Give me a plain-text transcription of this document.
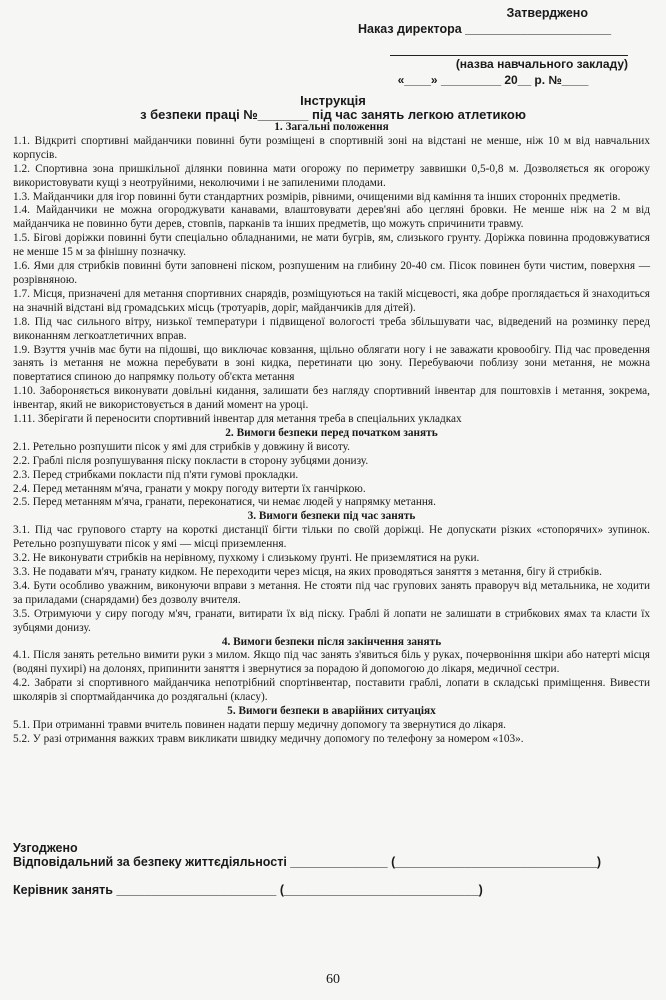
Затверджено
Наказ директора _____________________
(назва навчального закладу)
«____» _________ 20__ р. №____
Інструкція
з безпеки праці №_______ під час занять легкою атлетикою

1. Загальні положення

1.1. Відкриті спортивні майданчики повинні бути розміщені в спортивній зоні на відстані не менше, ніж 10 м від навчальних корпусів.

1.2. Спортивна зона пришкільної ділянки повинна мати огорожу по периметру заввишки 0,5-0,8 м. Дозволяється як огорожу використовувати кущі з неотруйними, неколючими і не запиленими плодами.

1.3. Майданчики для ігор повинні бути стандартних розмірів, рівними, очищеними від каміння та інших сторонніх предметів.

1.4. Майданчики не можна огороджувати канавами, влаштовувати дерев'яні або цегляні бровки. Не менше ніж на 2 м від майданчика не повинно бути дерев, стовпів, парканів та інших предметів, що можуть спричинити травму.

1.5. Бігові доріжки повинні бути спеціально обладнаними, не мати бугрів, ям, слизького грунту. Доріжка повинна продовжуватися не менше 15 м за фінішну позначку.

1.6. Ями для стрибків повинні бути заповнені піском, розпушеним на глибину 20-40 см. Пісок повинен бути чистим, поверхня — розрівняною.

1.7. Місця, призначені для метання спортивних снарядів, розміщуються на такій місцевості, яка добре проглядається й знаходиться на значній відстані від громадських місць (тротуарів, доріг, майданчиків для дітей).

1.8. Під час сильного вітру, низької температури і підвищеної вологості треба збільшувати час, відведений на розминку перед виконанням легкоатлетичних вправ.

1.9. Взуття учнів має бути на підошві, що виключає ковзання, щільно облягати ногу і не заважати кровообігу. Під час проведення занять із метання не можна перебувати в зоні кидка, перетинати цю зону. Перебуваючи поблизу зони метання, не можна повертатися спиною до напрямку польоту об'єкта метання

1.10. Забороняється виконувати довільні кидання, залишати без нагляду спортивний інвентар для поштовхів і метання, зокрема, інвентар, який не використовується в даний момент на уроці.

1.11. Зберігати й переносити спортивний інвентар для метання треба в спеціальних укладках

2. Вимоги безпеки перед початком занять

2.1. Ретельно розпушити пісок у ямі для стрибків у довжину й висоту.

2.2. Граблі після розпушування піску покласти в сторону зубцями донизу.

2.3. Перед стрибками покласти під п'яти гумові прокладки.

2.4. Перед метанням м'яча, гранати у мокру погоду витерти їх ганчіркою.

2.5. Перед метанням м'яча, гранати, переконатися, чи немає людей у напрямку метання.

3. Вимоги безпеки під час занять

3.1. Під час групового старту на короткі дистанції бігти тільки по своїй доріжці. Не допускати різких «стопорячих» зупинок. Ретельно розпушувати пісок у ямі — місці приземлення.

3.2. Не виконувати стрибків на нерівному, пухкому і слизькому ґрунті. Не приземлятися на руки.

3.3. Не подавати м'яч, гранату кидком. Не переходити через місця, на яких проводяться заняття з метання, бігу й стрибків.

3.4. Бути особливо уважним, виконуючи вправи з метання. Не стояти під час групових занять праворуч від метальника, не ходити за приладами (снарядами) без дозволу вчителя.

3.5. Отримуючи у сиру погоду м'яч, гранати, витирати їх від піску. Граблі й лопати не залишати в стрибкових ямах та класти їх зубцями донизу.

4. Вимоги безпеки після закінчення занять

4.1. Після занять ретельно вимити руки з милом. Якщо під час занять з'явиться біль у руках, почервоніння шкіри або натерті місця (водяні пухирі) на долонях, припинити заняття і звернутися за порадою й допомогою до лікаря, медичної сестри.

4.2. Забрати зі спортивного майданчика непотрібний спортінвентар, поставити граблі, лопати в складські приміщення. Вивести школярів зі спортмайданчика до роздягальні (класу).

5. Вимоги безпеки в аварійних ситуаціях

5.1. При отриманні травми вчитель повинен надати першу медичну допомогу та звернутися до лікаря.

5.2. У разі отримання важких травм викликати швидку медичну допомогу по телефону за номером «103».

Узгоджено
Відповідальний за безпеку життєдіяльності ______________ (_____________________________)
Керівник занять _______________________ (____________________________)
60
